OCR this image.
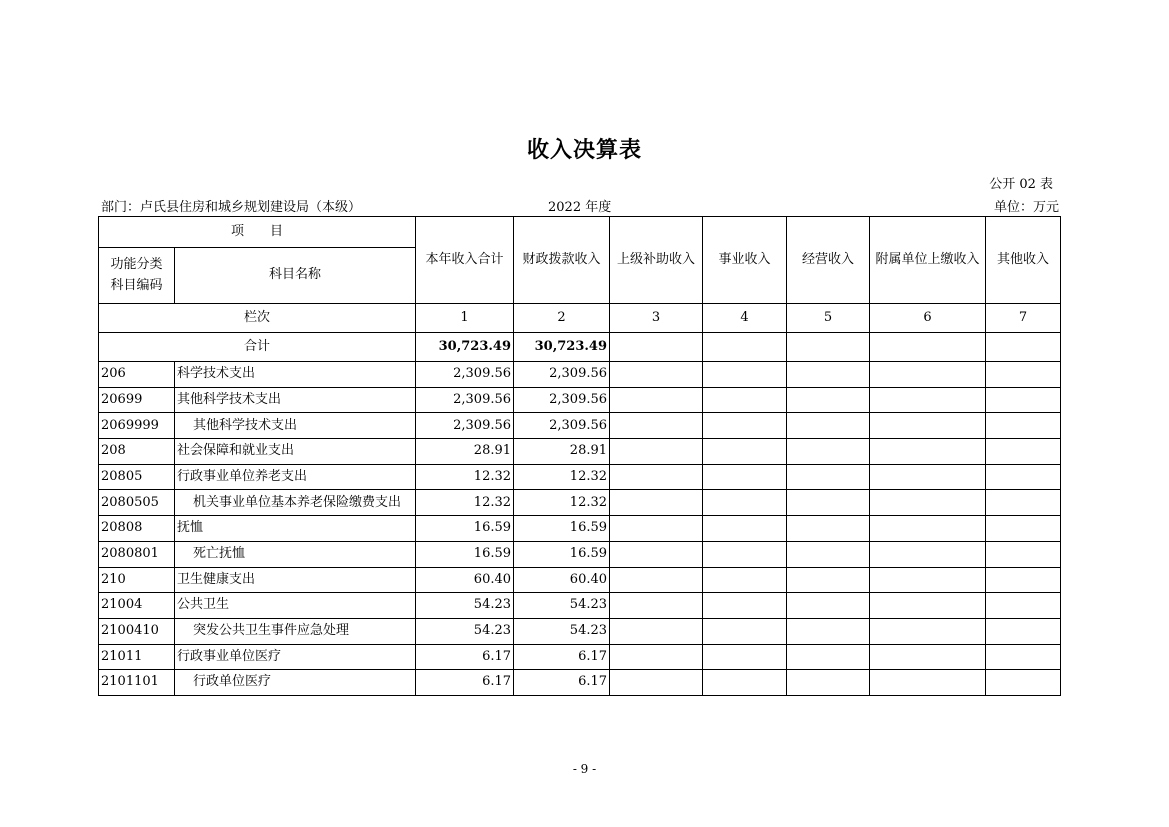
收入决算表
公开 02 表
部门：卢氏县住房和城乡规划建设局（本级）	2022 年度	单位：万元
项　　目		本年收入合计	财政拨款收入	上级补助收入	事业收入	经营收入	附属单位上缴收入	其他收入
功能分类
科目编码	科目名称							
栏次		1	2	3	4	5	6	7
合计		30,723.49	30,723.49					
206	科学技术支出	2,309.56	2,309.56					
20699	其他科学技术支出	2,309.56	2,309.56					
2069999	其他科学技术支出	2,309.56	2,309.56					
208	社会保障和就业支出	28.91	28.91					
20805	行政事业单位养老支出	12.32	12.32					
2080505	机关事业单位基本养老保险缴费支出	12.32	12.32					
20808	抚恤	16.59	16.59					
2080801	死亡抚恤	16.59	16.59					
210	卫生健康支出	60.40	60.40					
21004	公共卫生	54.23	54.23					
2100410	突发公共卫生事件应急处理	54.23	54.23					
21011	行政事业单位医疗	6.17	6.17					
2101101	行政单位医疗	6.17	6.17					
- 9 -
